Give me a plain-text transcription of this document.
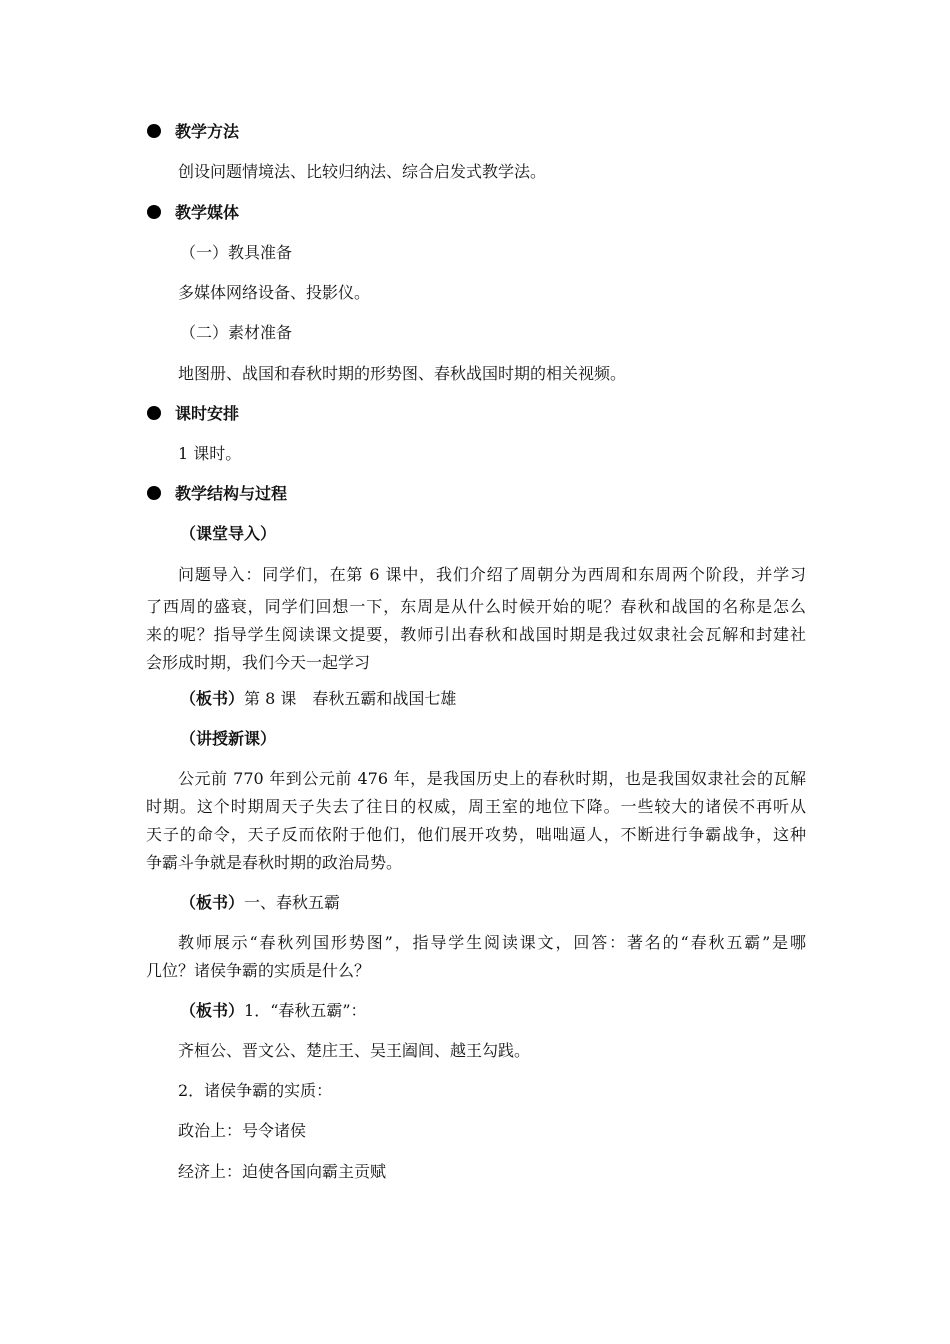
教学方法
创设问题情境法、比较归纳法、综合启发式教学法。
教学媒体
（一）教具准备
多媒体网络设备、投影仪。
（二）素材准备
地图册、战国和春秋时期的形势图、春秋战国时期的相关视频。
课时安排
1 课时。
教学结构与过程
（课堂导入）
问题导入：同学们，在第 6 课中，我们介绍了周朝分为西周和东周两个阶段，并学习
了西周的盛衰，同学们回想一下，东周是从什么时候开始的呢？春秋和战国的名称是怎么
来的呢？指导学生阅读课文提要，教师引出春秋和战国时期是我过奴隶社会瓦解和封建社
会形成时期，我们今天一起学习
（板书）第 8 课　春秋五霸和战国七雄
（讲授新课）
公元前 770 年到公元前 476 年，是我国历史上的春秋时期，也是我国奴隶社会的瓦解
时期。这个时期周天子失去了往日的权威，周王室的地位下降。一些较大的诸侯不再听从
天子的命令，天子反而依附于他们，他们展开攻势，咄咄逼人，不断进行争霸战争，这种
争霸斗争就是春秋时期的政治局势。
（板书）一、春秋五霸
教师展示“春秋列国形势图”，指导学生阅读课文，回答：著名的“春秋五霸”是哪
几位？诸侯争霸的实质是什么？
（板书）1．“春秋五霸”：
齐桓公、晋文公、楚庄王、吴王阖闾、越王勾践。
2．诸侯争霸的实质：
政治上：号令诸侯
经济上：迫使各国向霸主贡赋
